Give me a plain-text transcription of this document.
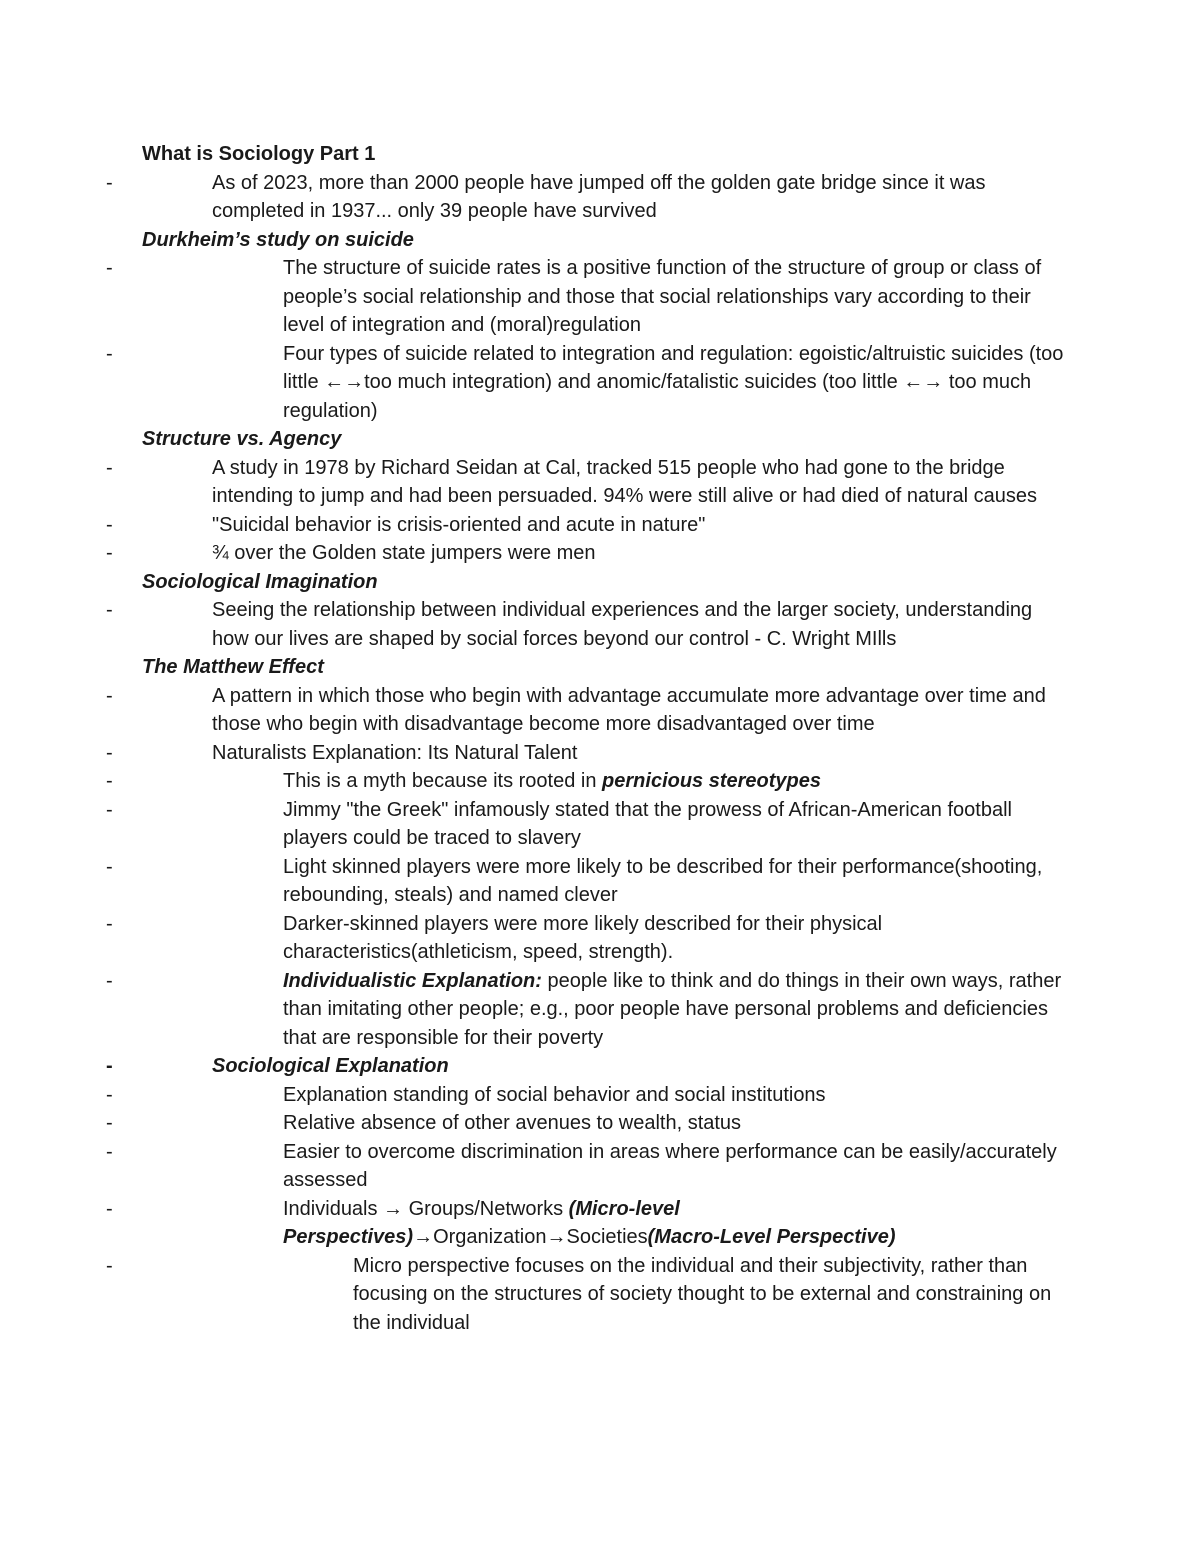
What is Sociology Part 1

-	As of 2023, more than 2000 people have jumped off the golden gate bridge since it was completed in 1937... only 39 people have survived

Durkheim’s study on suicide

-	The structure of suicide rates is a positive function of the structure of group or class of people’s social relationship and those that social relationships vary according to their level of integration and (moral)regulation
-	Four types of suicide related to integration and regulation: egoistic/altruistic suicides (too little ←→too much integration) and anomic/fatalistic suicides (too little ←→ too much regulation)

Structure vs. Agency

-	A study in 1978 by Richard Seidan at Cal, tracked 515 people who had gone to the bridge intending to jump and had been persuaded. 94% were still alive or had died of natural causes
-	"Suicidal behavior is crisis-oriented and acute in nature"
-	¾ over the Golden state jumpers were men

Sociological Imagination

-	Seeing the relationship between individual experiences and the larger society, understanding how our lives are shaped by social forces beyond our control - C. Wright MIlls

The Matthew Effect

-	A pattern in which those who begin with advantage accumulate more advantage over time and those who begin with disadvantage become more disadvantaged over time
-	Naturalists Explanation: Its Natural Talent
-	This is a myth because its rooted in pernicious stereotypes
-	Jimmy "the Greek" infamously stated that the prowess of African-American football players could be traced to slavery
-	Light skinned players were more likely to be described for their performance(shooting, rebounding, steals) and named clever
-	Darker-skinned players were more likely described for their physical characteristics(athleticism, speed, strength).
-	Individualistic Explanation: people like to think and do things in their own ways, rather than imitating other people; e.g., poor people have personal problems and deficiencies that are responsible for their poverty
-	Sociological Explanation
-	Explanation standing of social behavior and social institutions
-	Relative absence of other avenues to wealth, status
-	Easier to overcome discrimination in areas where performance can be easily/accurately assessed
-	Individuals → Groups/Networks (Micro-level Perspectives)→Organization→Societies(Macro-Level Perspective)
-	Micro perspective focuses on the individual and their subjectivity, rather than focusing on the structures of society thought to be external and constraining on the individual
